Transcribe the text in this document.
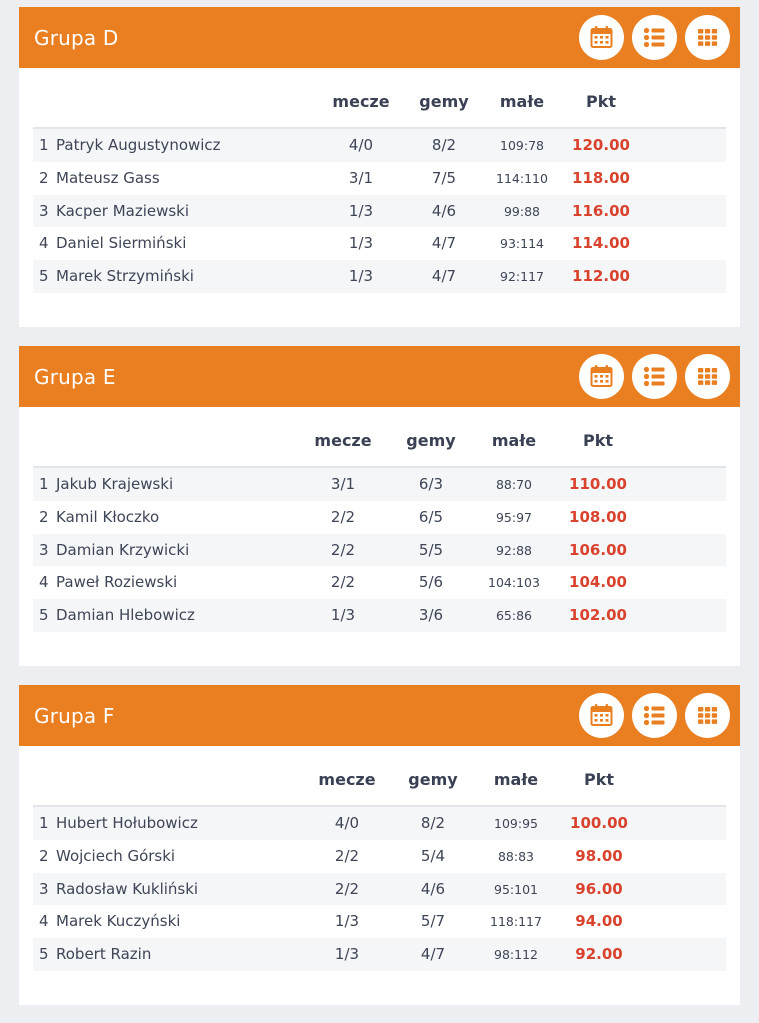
Grupa D
mecze gemy małe	Pkt
1 Patryk Augustynowicz	4/0	8/2	109:78 120.00
2 Mateusz Gass	3/1	7/5	114:110 118.00
3 Kacper Maziewski	1/3	4/6	99:88 116.00
4 Daniel Siermiński	1/3	4/7	93:114 114.00
5 Marek Strzymiński	1/3	4/7	92:117 112.00
Grupa E
mecze gemy małe	Pkt
1 Jakub Krajewski	3/1	6/3	88:70 110.00
2 Kamil Kłoczko	2/2	6/5	95:97 108.00
3 Damian Krzywicki	2/2	5/5	92:88 106.00
4 Paweł Roziewski	2/2	5/6	104:103 104.00
5 Damian Hlebowicz	1/3	3/6	65:86 102.00
Grupa F
mecze gemy małe	Pkt
1 Hubert Hołubowicz	4/0	8/2	109:95 100.00
2 Wojciech Górski	2/2	5/4	88:83	98.00
3 Radosław Kukliński	2/2	4/6	95:101 96.00
4 Marek Kuczyński	1/3	5/7	118:117 94.00
5 Robert Razin	1/3	4/7	98:112 92.00
